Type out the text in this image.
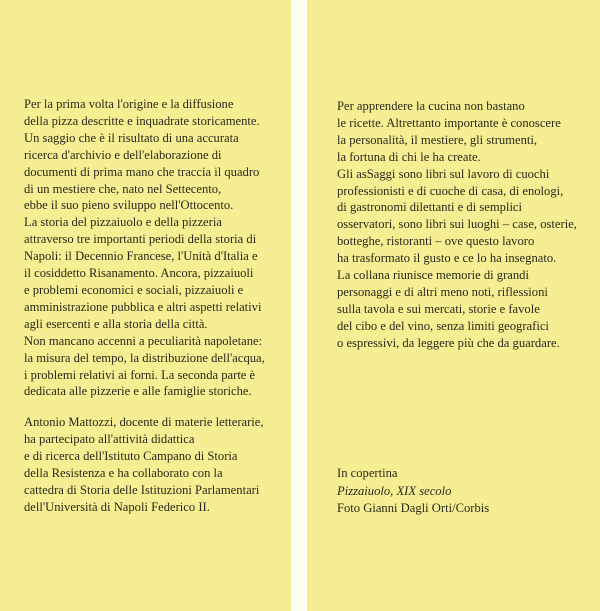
Per la prima volta l'origine e la diffusione

della pizza descritte e inquadrate storicamente.

Un saggio che è il risultato di una accurata

ricerca d'archivio e dell'elaborazione di

documenti di prima mano che traccia il quadro

di un mestiere che, nato nel Settecento,

ebbe il suo pieno sviluppo nell'Ottocento.

La storia del pizzaiuolo e della pizzeria

attraverso tre importanti periodi della storia di

Napoli: il Decennio Francese, l'Unità d'Italia e

il cosiddetto Risanamento. Ancora, pizzaiuoli

e problemi economici e sociali, pizzaiuoli e

amministrazione pubblica e altri aspetti relativi

agli esercenti e alla storia della città.

Non mancano accenni a peculiarità napoletane:

la misura del tempo, la distribuzione dell'acqua,

i problemi relativi ai forni. La seconda parte è

dedicata alle pizzerie e alle famiglie storiche.

Antonio Mattozzi, docente di materie letterarie,

ha partecipato all'attività didattica

e di ricerca dell'Istituto Campano di Storia

della Resistenza e ha collaborato con la

cattedra di Storia delle Istituzioni Parlamentari

dell'Università di Napoli Federico II.

Per apprendere la cucina non bastano

le ricette. Altrettanto importante è conoscere

la personalità, il mestiere, gli strumenti,

la fortuna di chi le ha create.

Gli asSaggi sono libri sul lavoro di cuochi

professionisti e di cuoche di casa, di enologi,

di gastronomi dilettanti e di semplici

osservatori, sono libri sui luoghi – case, osterie,

botteghe, ristoranti – ove questo lavoro

ha trasformato il gusto e ce lo ha insegnato.

La collana riunisce memorie di grandi

personaggi e di altri meno noti, riflessioni

sulla tavola e sui mercati, storie e favole

del cibo e del vino, senza limiti geografici

o espressivi, da leggere più che da guardare.

In copertina

Pizzaiuolo, XIX secolo

Foto Gianni Dagli Orti/Corbis
